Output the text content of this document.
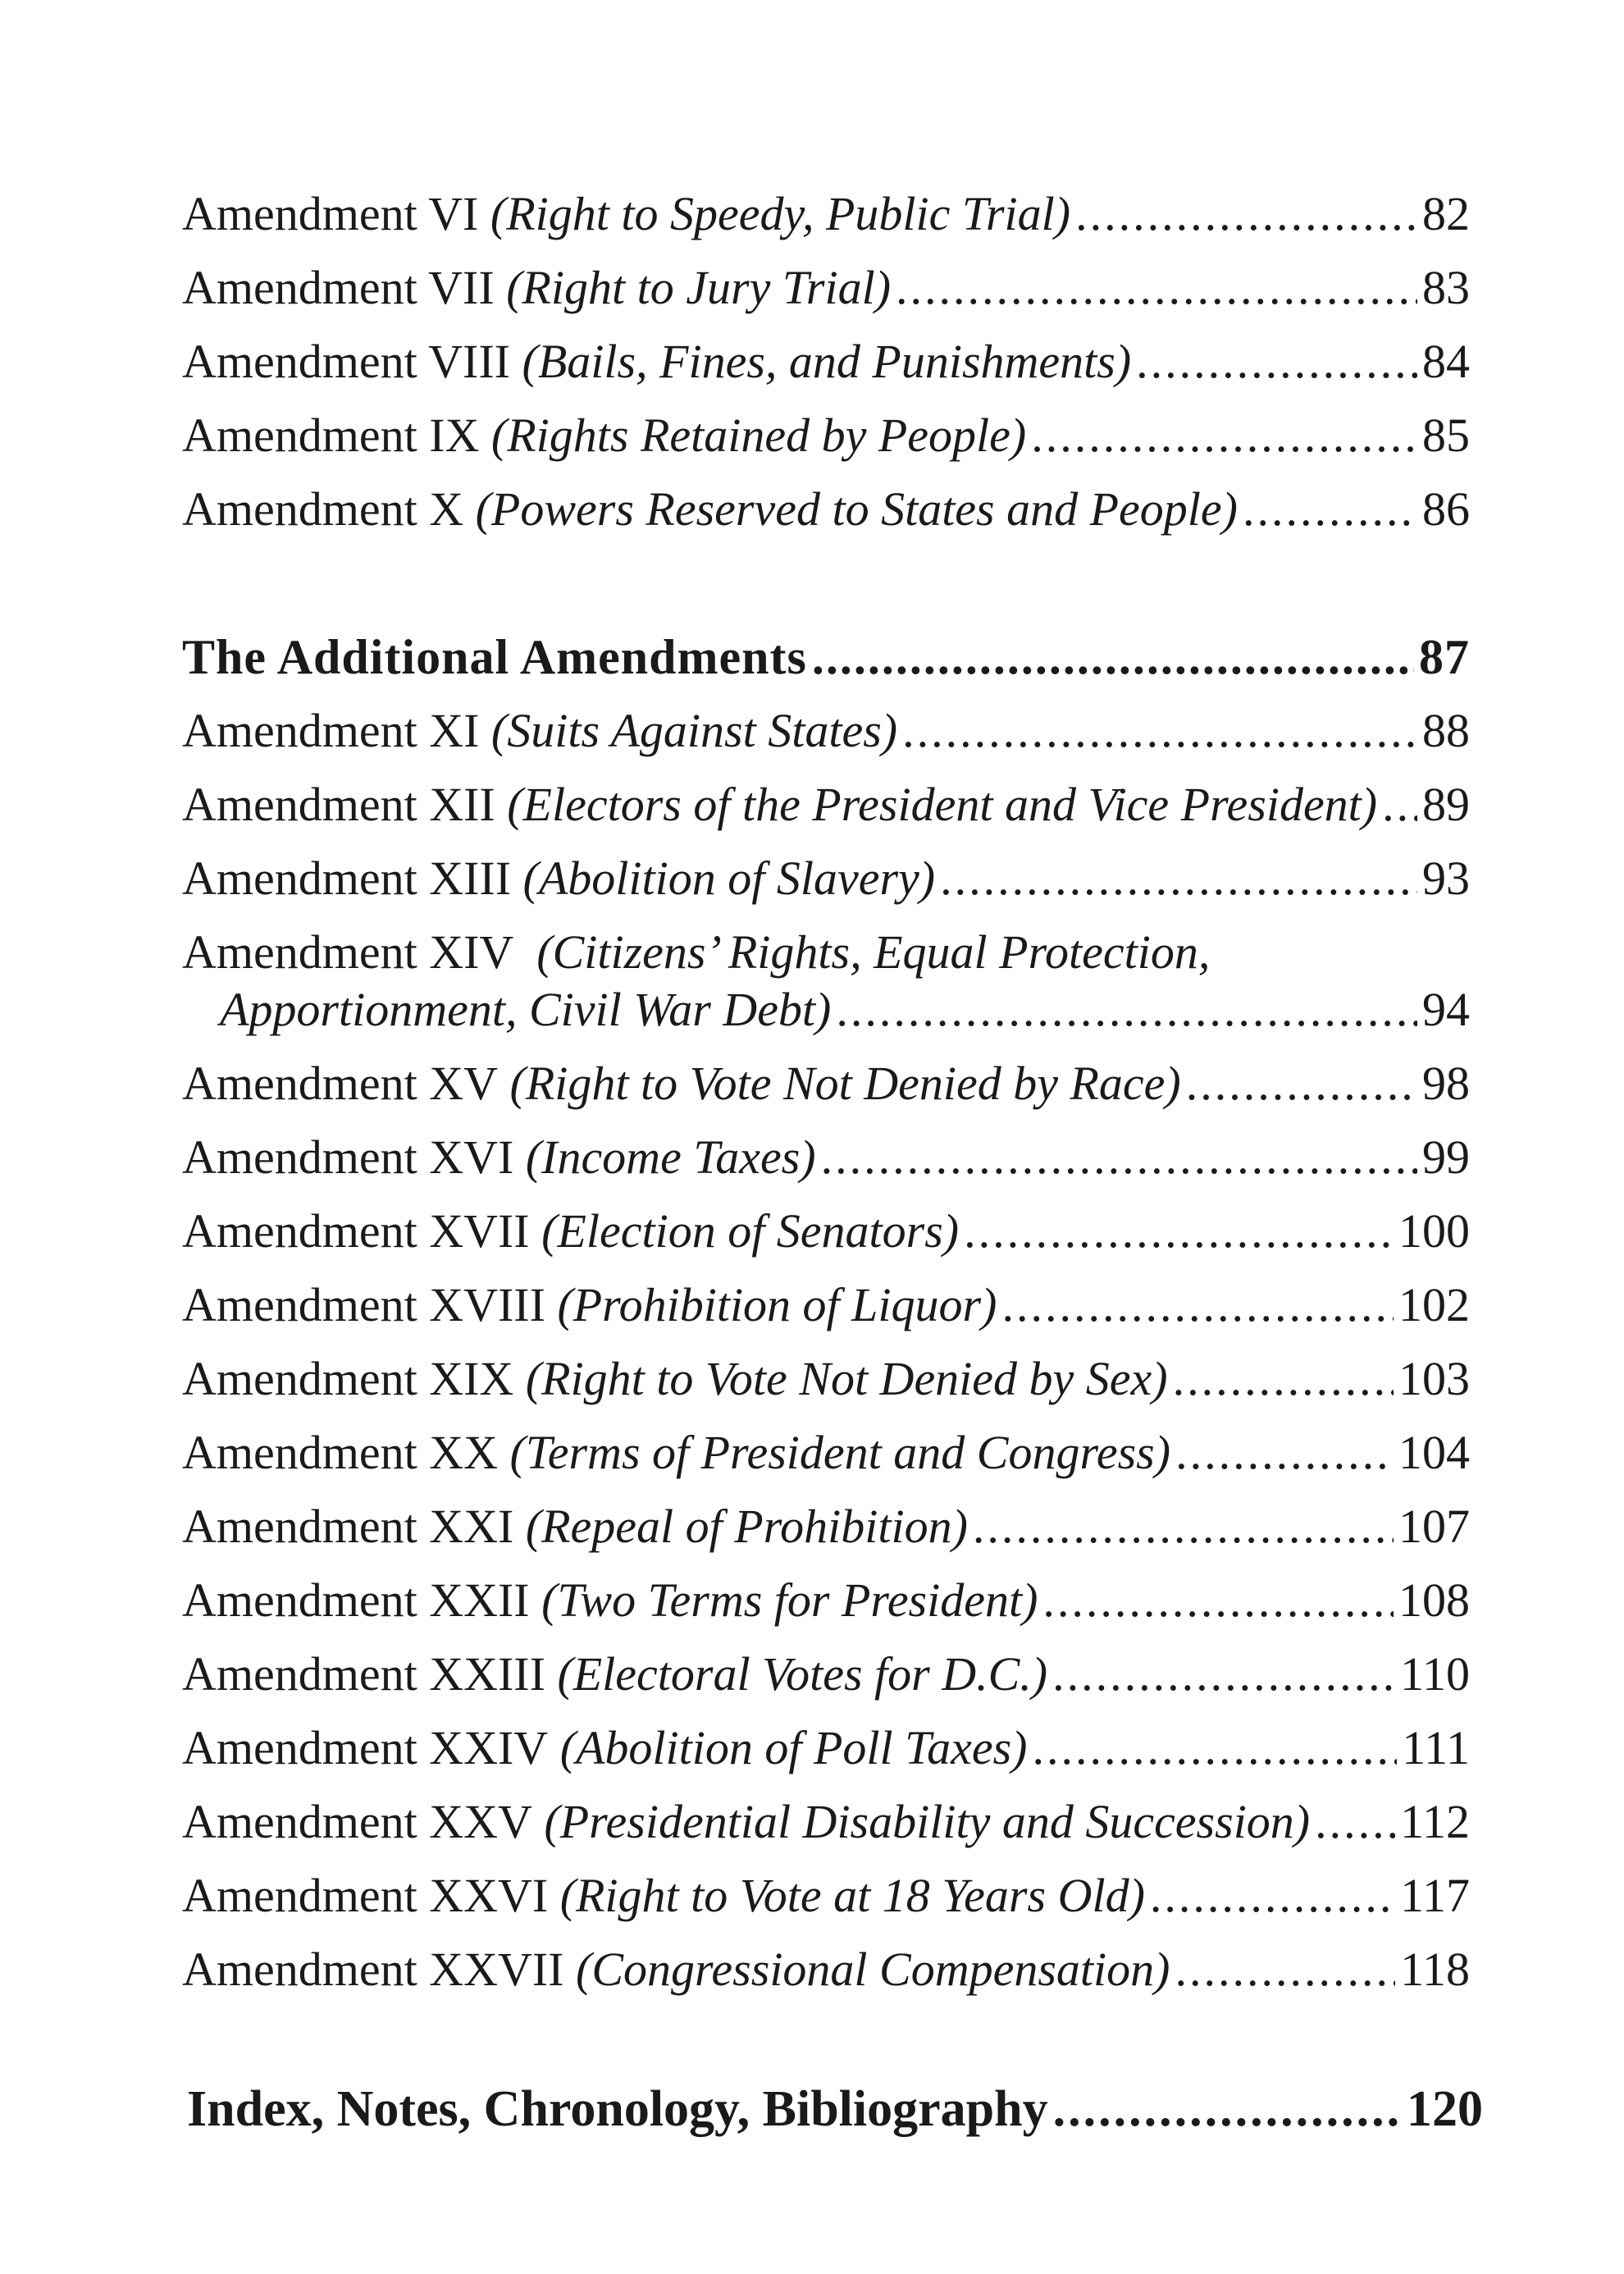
Amendment VI (Right to Speedy, Public Trial) .....	82
Amendment VII (Right to Jury Trial) .....	83
Amendment VIII (Bails, Fines, and Punishments) .....	84
Amendment IX (Rights Retained by People) .....	85
Amendment X (Powers Reserved to States and People) .....	86
The Additional Amendments .....	87
Amendment XI (Suits Against States) .....	88
Amendment XII (Electors of the President and Vice President) ..... 89
Amendment XIII (Abolition of Slavery) .....	93
Amendment XIV (Citizens’ Rights, Equal Protection,
Apportionment, Civil War Debt) .....	94
Amendment XV (Right to Vote Not Denied by Race) .....	98
Amendment XVI (Income Taxes) .....	99
Amendment XVII (Election of Senators) .....	100
Amendment XVIII (Prohibition of Liquor) .....	102
Amendment XIX (Right to Vote Not Denied by Sex) .....	103
Amendment XX (Terms of President and Congress) .....	104
Amendment XXI (Repeal of Prohibition) .....	107
Amendment XXII (Two Terms for President) .....	108
Amendment XXIII (Electoral Votes for D.C.) .....	110
Amendment XXIV (Abolition of Poll Taxes) .....	111
Amendment XXV (Presidential Disability and Succession) ..... 112
Amendment XXVI (Right to Vote at 18 Years Old) .....	117
Amendment XXVII (Congressional Compensation) .....	118
Index, Notes, Chronology, Bibliography .....	120
